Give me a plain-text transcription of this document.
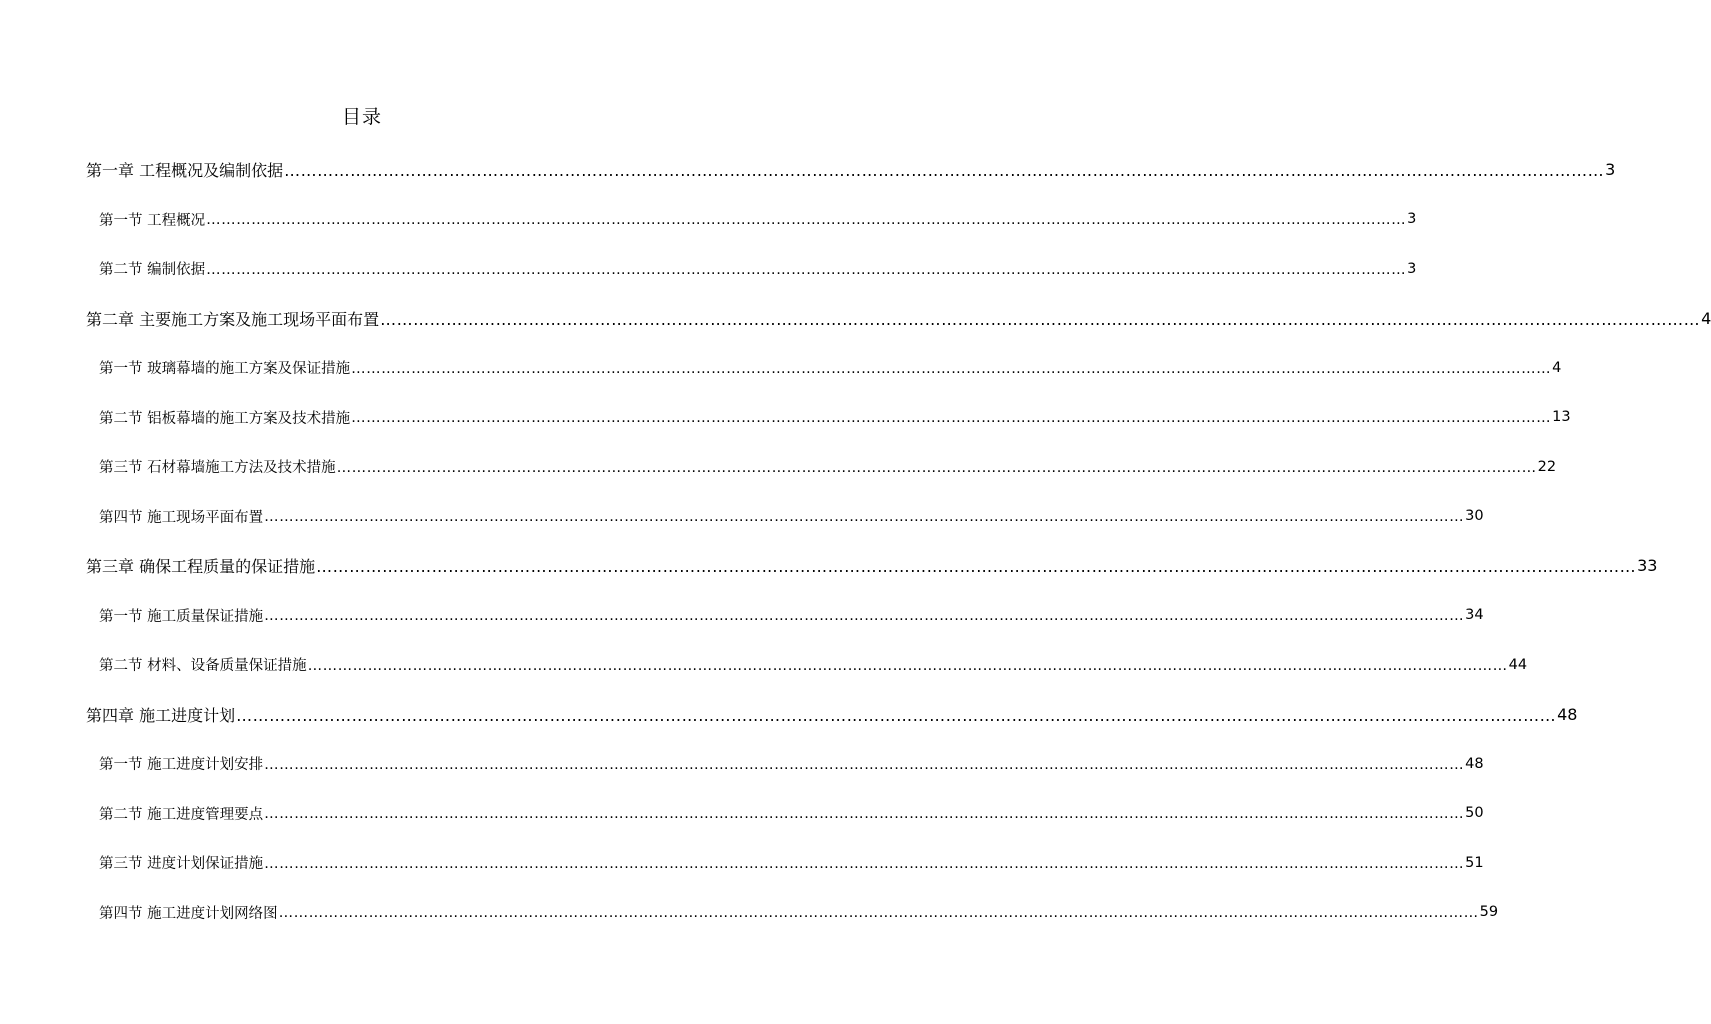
目录
第一章 工程概况及编制依据 …………………………………………………………………………………………………………………………………………………………………………………………………………………… 3
第一节 工程概况 …………………………………………………………………………………………………………………………………………………………………………………………………………………… 3
第二节 编制依据 …………………………………………………………………………………………………………………………………………………………………………………………………………………… 3
第二章 主要施工方案及施工现场平面布置 …………………………………………………………………………………………………………………………………………………………………………………………………………………… 4
第一节 玻璃幕墙的施工方案及保证措施 …………………………………………………………………………………………………………………………………………………………………………………………………………………… 4
第二节 铝板幕墙的施工方案及技术措施 …………………………………………………………………………………………………………………………………………………………………………………………………………………… 13
第三节 石材幕墙施工方法及技术措施 …………………………………………………………………………………………………………………………………………………………………………………………………………………… 22
第四节 施工现场平面布置 …………………………………………………………………………………………………………………………………………………………………………………………………………………… 30
第三章 确保工程质量的保证措施 …………………………………………………………………………………………………………………………………………………………………………………………………………………… 33
第一节 施工质量保证措施 …………………………………………………………………………………………………………………………………………………………………………………………………………………… 34
第二节 材料、设备质量保证措施 …………………………………………………………………………………………………………………………………………………………………………………………………………………… 44
第四章 施工进度计划 …………………………………………………………………………………………………………………………………………………………………………………………………………………… 48
第一节 施工进度计划安排 …………………………………………………………………………………………………………………………………………………………………………………………………………………… 48
第二节 施工进度管理要点 …………………………………………………………………………………………………………………………………………………………………………………………………………………… 50
第三节 进度计划保证措施 …………………………………………………………………………………………………………………………………………………………………………………………………………………… 51
第四节 施工进度计划网络图 …………………………………………………………………………………………………………………………………………………………………………………………………………………… 59
